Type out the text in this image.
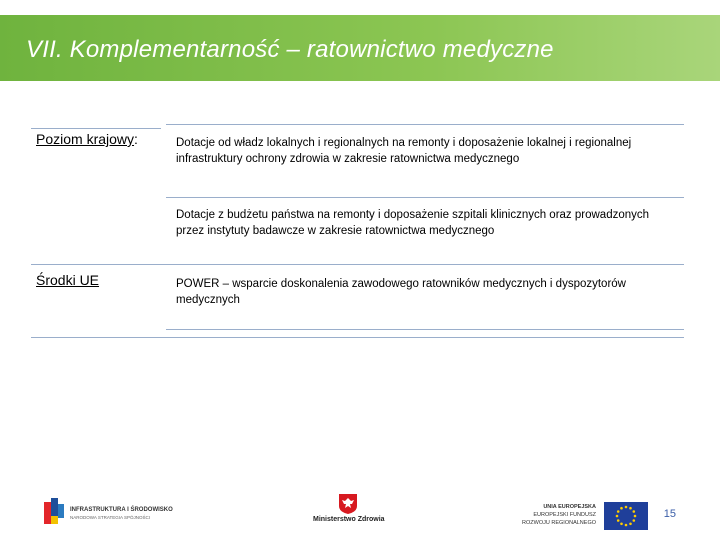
VII. Komplementarność – ratownictwo medyczne
Poziom krajowy:
Środki UE
Dotacje od władz lokalnych i regionalnych na remonty i doposażenie lokalnej i regionalnej infrastruktury ochrony zdrowia w zakresie ratownictwa medycznego
Dotacje z budżetu państwa na remonty i doposażenie szpitali klinicznych oraz prowadzonych przez instytuty badawcze w zakresie ratownictwa medycznego
POWER – wsparcie doskonalenia zawodowego ratowników medycznych i dyspozytorów medycznych
INFRASTRUKTURA I ŚRODOWISKO
NARODOWA STRATEGIA SPÓJNOŚCI	Ministerstwo Zdrowia
UNIA EUROPEJSKA
EUROPEJSKI FUNDUSZ
ROZWOJU REGIONALNEGO
15
